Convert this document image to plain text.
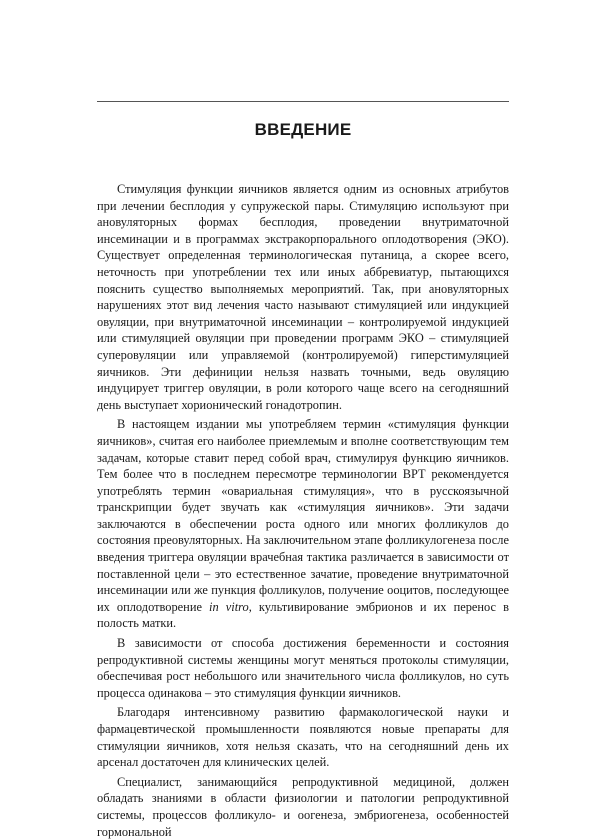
ВВЕДЕНИЕ

Стимуляция функции яичников является одним из основных атрибутов при лечении бесплодия у супружеской пары. Стимуляцию используют при ановуляторных формах бесплодия, проведении внутриматочной инсеминации и в программах экстракорпорального оплодотворения (ЭКО). Существует определенная терминологическая путаница, а скорее всего, неточность при употреблении тех или иных аббревиатур, пытающихся пояснить существо выполняемых мероприятий. Так, при ановуляторных нарушениях этот вид лечения часто называют стимуляцией или индукцией овуляции, при внутриматочной инсеминации – контролируемой индукцией или стимуляцией овуляции при проведении программ ЭКО – стимуляцией суперовуляции или управляемой (контролируемой) гиперстимуляцией яичников. Эти дефиниции нельзя назвать точными, ведь овуляцию индуцирует триггер овуляции, в роли которого чаще всего на сегодняшний день выступает хорионический гонадотропин.

В настоящем издании мы употребляем термин «стимуляция функции яичников», считая его наиболее приемлемым и вполне соответствующим тем задачам, которые ставит перед собой врач, стимулируя функцию яичников. Тем более что в последнем пересмотре терминологии ВРТ рекомендуется употреблять термин «овариальная стимуляция», что в русскоязычной транскрипции будет звучать как «стимуляция яичников». Эти задачи заключаются в обеспечении роста одного или многих фолликулов до состояния преовуляторных. На заключительном этапе фолликулогенеза после введения триггера овуляции врачебная тактика различается в зависимости от поставленной цели – это естественное зачатие, проведение внутриматочной инсеминации или же пункция фолликулов, получение ооцитов, последующее их оплодотворение in vitro, культивирование эмбрионов и их перенос в полость матки.

В зависимости от способа достижения беременности и состояния репродуктивной системы женщины могут меняться протоколы стимуляции, обеспечивая рост небольшого или значительного числа фолликулов, но суть процесса одинакова – это стимуляция функции яичников.

Благодаря интенсивному развитию фармакологической науки и фармацевтической промышленности появляются новые препараты для стимуляции яичников, хотя нельзя сказать, что на сегодняшний день их арсенал достаточен для клинических целей.

Специалист, занимающийся репродуктивной медициной, должен обладать знаниями в области физиологии и патологии репродуктивной системы, процессов фолликуло- и оогенеза, эмбриогенеза, особенностей гормональной
